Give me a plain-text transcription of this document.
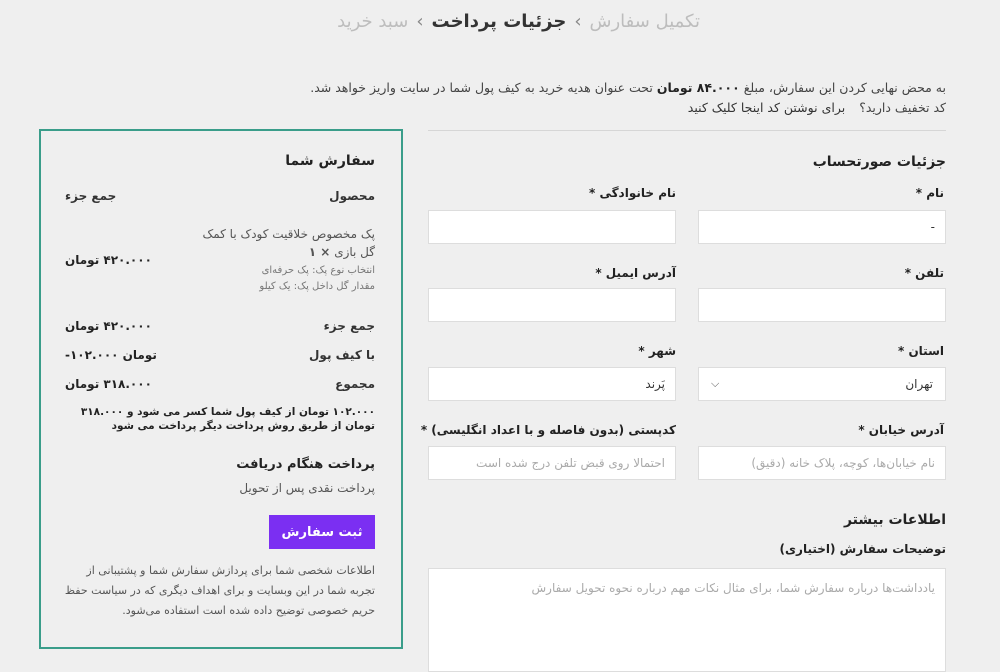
سبد خرید › جزئیات پرداخت › تکمیل سفارش
به محض نهایی کردن این سفارش، مبلغ ۸۴.۰۰۰ تومان تحت عنوان هدیه خرید به کیف پول شما در سایت واریز خواهد شد.
کد تخفیف دارید؟
برای نوشتن کد اینجا کلیک کنید
جزئیات صورتحساب
نام *
-
نام خانوادگی *
تلفن *
آدرس ایمیل *
استان *
تهران
⌵
شهر *
پَرند
آدرس خیابان *
نام خیابان‌ها، کوچه، پلاک خانه (دقیق)
کدپستی (بدون فاصله و با اعداد انگلیسی) *
احتمالا روی قبض تلفن درج شده است
اطلاعات بیشتر
توضیحات سفارش (اختیاری)
یادداشت‌ها درباره سفارش شما، برای مثال نکات مهم درباره نحوه تحویل سفارش
سفارش شما
محصول
جمع جزء
پک مخصوص خلاقیت کودک با کمک
گل بازی × ۱
انتخاب نوع پک: پک حرفه‌ای
مقدار گل داخل پک: یک کیلو
۴۲۰.۰۰۰ تومان
جمع جزء
۴۲۰.۰۰۰ تومان
با کیف پول
-۱۰۲.۰۰۰ تومان
مجموع
۳۱۸.۰۰۰ تومان
۱۰۲.۰۰۰ تومان از کیف پول شما کسر می شود و ۳۱۸.۰۰۰ تومان از طریق روش پرداخت دیگر پرداخت می شود
پرداخت هنگام دریافت
پرداخت نقدی پس از تحویل
ثبت سفارش
اطلاعات شخصی شما برای پردازش سفارش شما و پشتیبانی از تجربه شما در این وبسایت و برای اهداف دیگری که در سیاست حفظ حریم خصوصی توضیح داده شده است استفاده می‌شود.
